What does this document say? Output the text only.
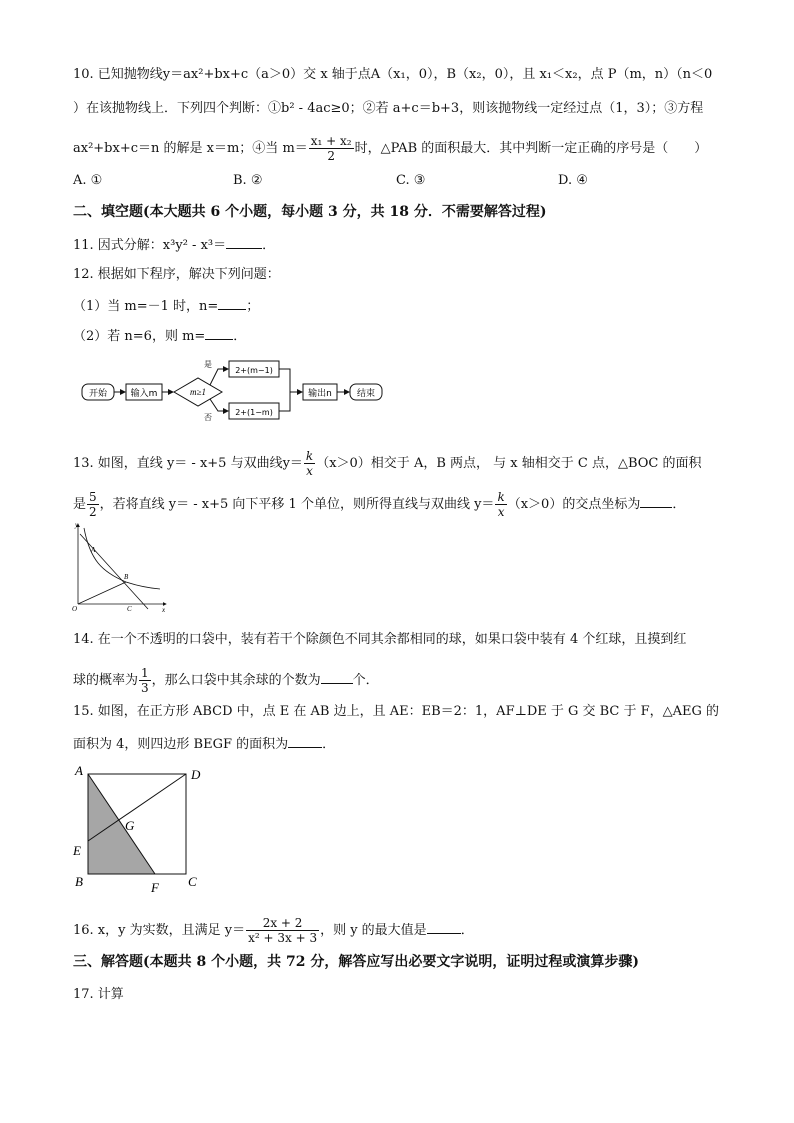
10. 已知抛物线y＝ax²+bx+c（a＞0）交 x 轴于点A（x₁，0），B（x₂，0），且 x₁＜x₂，点 P（m，n）（n＜0
）在该抛物线上．下列四个判断：①b² - 4ac≥0；②若 a+c＝b+3，则该抛物线一定经过点（1，3）；③方程
ax²+bx+c＝n 的解是 x＝m；④当 $m= \frac{\text{x₁ + x₂}}{2}$ 时，△PAB 的面积最大．其中判断一定正确的序号是（　　）
A. ①	B. ②	C. ③	D. ④
二、填空题(本大题共 6 个小题，每小题 3 分，共 18 分．不需要解答过程)
11. 因式分解：x³y² - x³＝	．
12. 根据如下程序，解决下列问题：
（1）当 m=－1 时，n= ；
（2）若 n=6，则 m= ．
开始	输入m	m≥1
是
否
2+(m−1)
2+(1−m)
输出n	结束
13. 如图，直线 y＝ - x+5 与双曲线$y= \frac{k}{x} (x>0)$相交于 A，B 两点， 与 x 轴相交于 C 点，△BOC 的面积
是 $\frac{5}{2}$ ，若将直线 y＝ - x+5 向下平移 1 个单位，则所得直线与双曲线 $y= \frac{k}{x} (x>0)$的交点坐标为 ．
y
x
O
A
B
C
14. 在一个不透明的口袋中，装有若干个除颜色不同其余都相同的球，如果口袋中装有 4 个红球，且摸到红
球的概率为 $\frac{1}{3}$ ，那么口袋中其余球的个数为 个．
15. 如图，在正方形 ABCD 中，点 E 在 AB 边上，且 AE：EB＝2：1，AF⊥DE 于 G 交 BC 于 F，△AEG 的
面积为 4，则四边形 BEGF 的面积为	．
A	D
E
B	C
F
G
16. x，y 为实数，且满足 $y= \frac{2x + 2}{\text{x² + 3x + 3}}$ ，则 y 的最大值是	．
三、解答题(本题共 8 个小题，共 72 分，解答应写出必要文字说明，证明过程或演算步骤)
17. 计算
